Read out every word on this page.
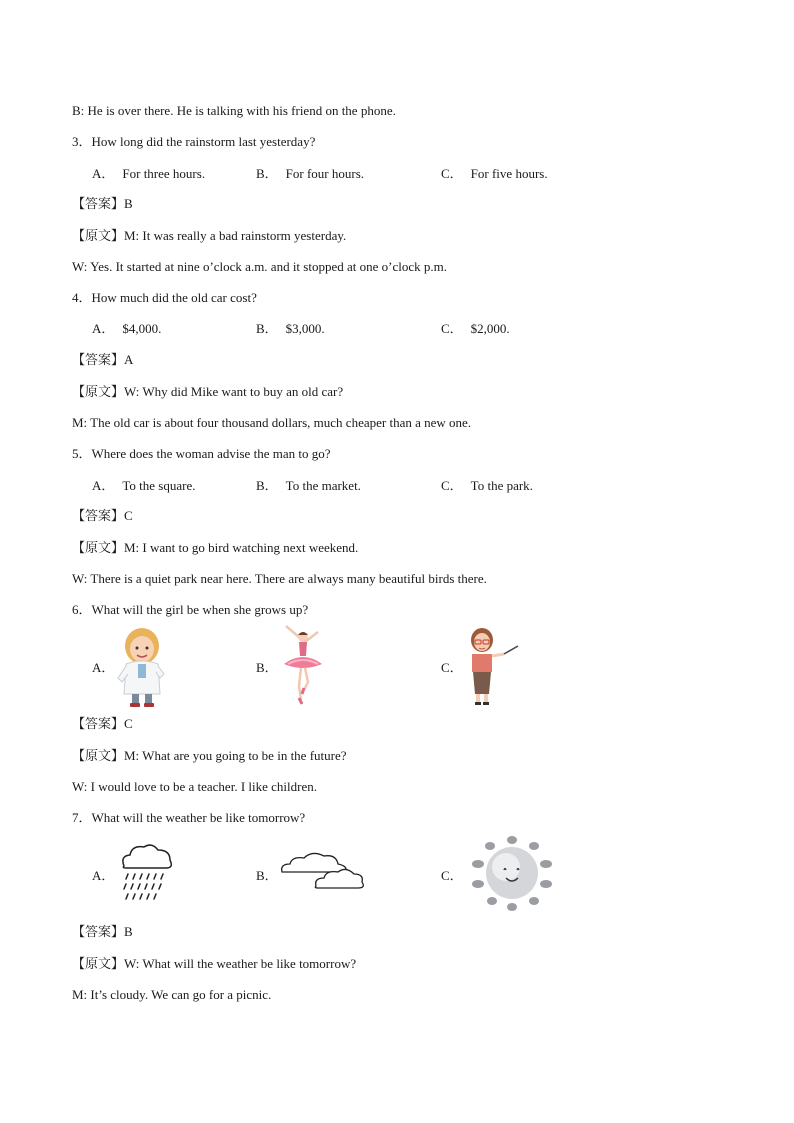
B: He is over there. He is talking with his friend on the phone.
3．How long did the rainstorm last yesterday?
A． For three hours.	B． For four hours.	C． For five hours.
【答案】B
【原文】M: It was really a bad rainstorm yesterday.
W: Yes. It started at nine o’clock a.m. and it stopped at one o’clock p.m.
4．How much did the old car cost?
A． $4,000.	B． $3,000.	C． $2,000.
【答案】A
【原文】W: Why did Mike want to buy an old car?
M: The old car is about four thousand dollars, much cheaper than a new one.
5．Where does the woman advise the man to go?
A． To the square.	B． To the market.	C． To the park.
【答案】C
【原文】M: I want to go bird watching next weekend.
W: There is a quiet park near here. There are always many beautiful birds there.
6．What will the girl be when she grows up?
A．	B．	C．
【答案】C
【原文】M: What are you going to be in the future?
W: I would love to be a teacher. I like children.
7．What will the weather be like tomorrow?
A．	B．	C．
【答案】B
【原文】W: What will the weather be like tomorrow?
M: It’s cloudy. We can go for a picnic.
